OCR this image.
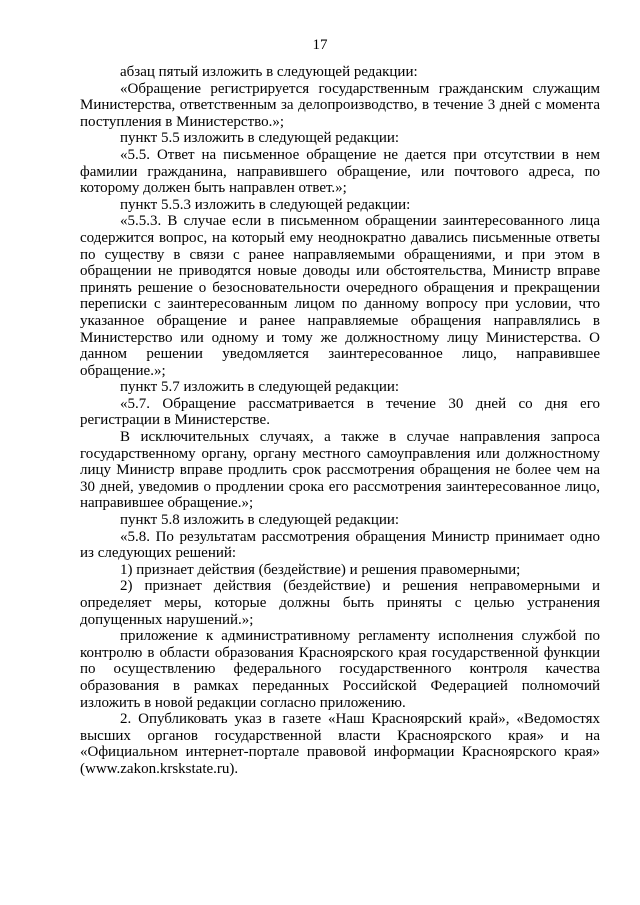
17

абзац пятый изложить в следующей редакции:

«Обращение регистрируется государственным гражданским служащим Министерства, ответственным за делопроизводство, в течение 3 дней с момента поступления в Министерство.»;

пункт 5.5 изложить в следующей редакции:

«5.5. Ответ на письменное обращение не дается при отсутствии в нем фамилии гражданина, направившего обращение, или почтового адреса, по которому должен быть направлен ответ.»;

пункт 5.5.3 изложить в следующей редакции:

«5.5.3. В случае если в письменном обращении заинтересованного лица содержится вопрос, на который ему неоднократно давались письменные ответы по существу в связи с ранее направляемыми обращениями, и при этом в обращении не приводятся новые доводы или обстоятельства, Министр вправе принять решение о безосновательности очередного обращения и прекращении переписки с заинтересованным лицом по данному вопросу при условии, что указанное обращение и ранее направляемые обращения направлялись в Министерство или одному и тому же должностному лицу Министерства. О данном решении уведомляется заинтересованное лицо, направившее обращение.»;

пункт 5.7 изложить в следующей редакции:

«5.7. Обращение рассматривается в течение 30 дней со дня его регистрации в Министерстве.

В исключительных случаях, а также в случае направления запроса государственному органу, органу местного самоуправления или должностному лицу Министр вправе продлить срок рассмотрения обращения не более чем на 30 дней, уведомив о продлении срока его рассмотрения заинтересованное лицо, направившее обращение.»;

пункт 5.8 изложить в следующей редакции:

«5.8. По результатам рассмотрения обращения Министр принимает одно из следующих решений:

1) признает действия (бездействие) и решения правомерными;

2) признает действия (бездействие) и решения неправомерными и определяет меры, которые должны быть приняты с целью устранения допущенных нарушений.»;

приложение к административному регламенту исполнения службой по контролю в области образования Красноярского края государственной функции по осуществлению федерального государственного контроля качества образования в рамках переданных Российской Федерацией полномочий изложить в новой редакции согласно приложению.

2. Опубликовать указ в газете «Наш Красноярский край», «Ведомостях высших органов государственной власти Красноярского края» и на «Официальном интернет-портале правовой информации Красноярского края» (www.zakon.krskstate.ru).
